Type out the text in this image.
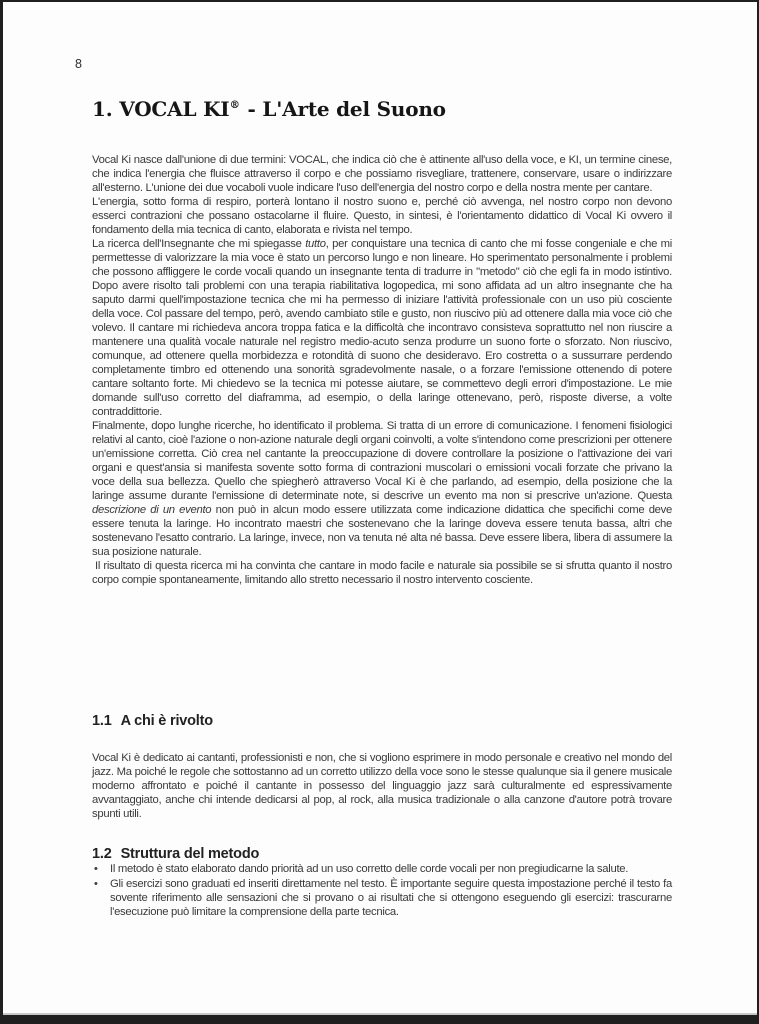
8
1. VOCAL KI® - L'Arte del Suono

Vocal Ki nasce dall'unione di due termini: VOCAL, che indica ciò che è attinente all'uso della voce, e KI, un termine cinese, che indica l'energia che fluisce attraverso il corpo e che possiamo risvegliare, trattenere, conservare, usare o indirizzare all'esterno. L'unione dei due vocaboli vuole indicare l'uso dell'energia del nostro corpo e della nostra mente per cantare.

L'energia, sotto forma di respiro, porterà lontano il nostro suono e, perché ciò avvenga, nel nostro corpo non devono esserci contrazioni che possano ostacolarne il fluire. Questo, in sintesi, è l'orientamento didattico di Vocal Ki ovvero il fondamento della mia tecnica di canto, elaborata e rivista nel tempo.

La ricerca dell'Insegnante che mi spiegasse tutto, per conquistare una tecnica di canto che mi fosse congeniale e che mi permettesse di valorizzare la mia voce è stato un percorso lungo e non lineare. Ho sperimentato personalmente i problemi che possono affliggere le corde vocali quando un insegnante tenta di tradurre in "metodo" ciò che egli fa in modo istintivo. Dopo avere risolto tali problemi con una terapia riabilitativa logopedica, mi sono affidata ad un altro insegnante che ha saputo darmi quell'impostazione tecnica che mi ha permesso di iniziare l'attività professionale con un uso più cosciente della voce. Col passare del tempo, però, avendo cambiato stile e gusto, non riuscivo più ad ottenere dalla mia voce ciò che volevo. Il cantare mi richiedeva ancora troppa fatica e la difficoltà che incontravo consisteva soprattutto nel non riuscire a mantenere una qualità vocale naturale nel registro medio-acuto senza produrre un suono forte o sforzato. Non riuscivo, comunque, ad ottenere quella morbidezza e rotondità di suono che desideravo. Ero costretta o a sussurrare perdendo completamente timbro ed ottenendo una sonorità sgradevolmente nasale, o a forzare l'emissione ottenendo di potere cantare soltanto forte. Mi chiedevo se la tecnica mi potesse aiutare, se commettevo degli errori d'impostazione. Le mie domande sull'uso corretto del diaframma, ad esempio, o della laringe ottenevano, però, risposte diverse, a volte contraddittorie.

Finalmente, dopo lunghe ricerche, ho identificato il problema. Si tratta di un errore di comunicazione. I fenomeni fisiologici relativi al canto, cioè l'azione o non-azione naturale degli organi coinvolti, a volte s'intendono come prescrizioni per ottenere un'emissione corretta. Ciò crea nel cantante la preoccupazione di dovere controllare la posizione o l'attivazione dei vari organi e quest'ansia si manifesta sovente sotto forma di contrazioni muscolari o emissioni vocali forzate che privano la voce della sua bellezza. Quello che spiegherò attraverso Vocal Ki è che parlando, ad esempio, della posizione che la laringe assume durante l'emissione di determinate note, si descrive un evento ma non si prescrive un'azione. Questa descrizione di un evento non può in alcun modo essere utilizzata come indicazione didattica che specifichi come deve essere tenuta la laringe. Ho incontrato maestri che sostenevano che la laringe doveva essere tenuta bassa, altri che sostenevano l'esatto contrario. La laringe, invece, non va tenuta né alta né bassa. Deve essere libera, libera di assumere la sua posizione naturale.

Il risultato di questa ricerca mi ha convinta che cantare in modo facile e naturale sia possibile se si sfrutta quanto il nostro corpo compie spontaneamente, limitando allo stretto necessario il nostro intervento cosciente.

1.1 A chi è rivolto

Vocal Ki è dedicato ai cantanti, professionisti e non, che si vogliono esprimere in modo personale e creativo nel mondo del jazz. Ma poiché le regole che sottostanno ad un corretto utilizzo della voce sono le stesse qualunque sia il genere musicale moderno affrontato e poiché il cantante in possesso del linguaggio jazz sarà culturalmente ed espressivamente avvantaggiato, anche chi intende dedicarsi al pop, al rock, alla musica tradizionale o alla canzone d'autore potrà trovare spunti utili.

1.2 Struttura del metodo
• Il metodo è stato elaborato dando priorità ad un uso corretto delle corde vocali per non pregiudicarne la salute.
• Gli esercizi sono graduati ed inseriti direttamente nel testo. È importante seguire questa impostazione perché il testo fa sovente riferimento alle sensazioni che si provano o ai risultati che si ottengono eseguendo gli esercizi: trascurarne l'esecuzione può limitare la comprensione della parte tecnica.
